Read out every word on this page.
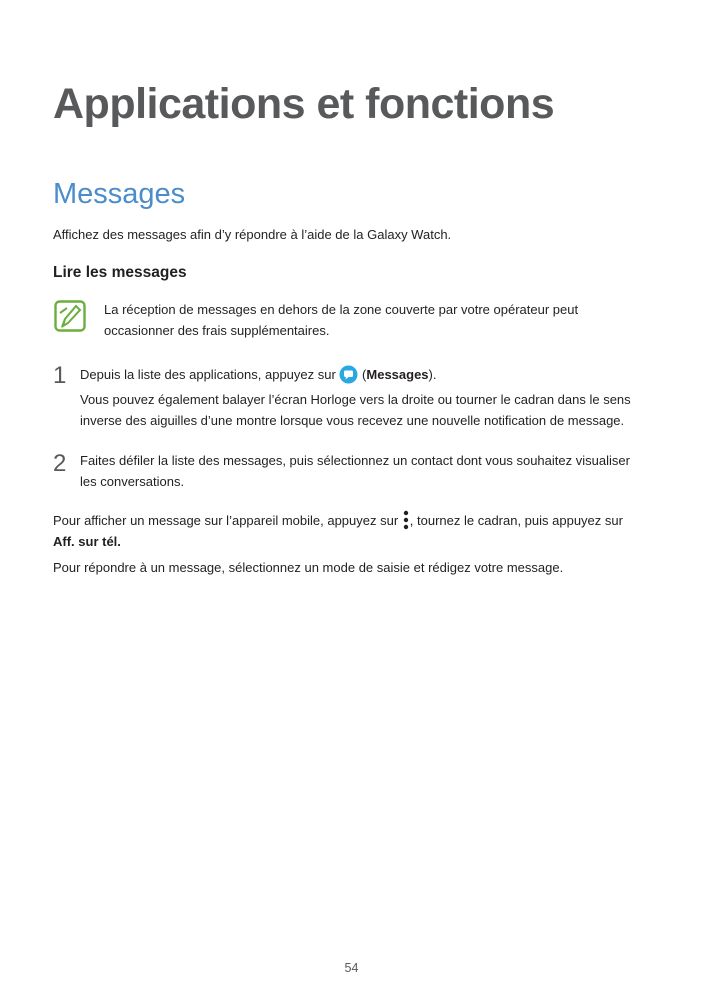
Applications et fonctions
Messages

Affichez des messages afin d’y répondre à l’aide de la Galaxy Watch.

Lire les messages

La réception de messages en dehors de la zone couverte par votre opérateur peut occasionner des frais supplémentaires.

1 Depuis la liste des applications, appuyez sur  (Messages).

Vous pouvez également balayer l’écran Horloge vers la droite ou tourner le cadran dans le sens inverse des aiguilles d’une montre lorsque vous recevez une nouvelle notification de message.

2 Faites défiler la liste des messages, puis sélectionnez un contact dont vous souhaitez visualiser les conversations.

Pour afficher un message sur l’appareil mobile, appuyez sur , tournez le cadran, puis appuyez sur
Aff. sur tél.

Pour répondre à un message, sélectionnez un mode de saisie et rédigez votre message.

54
